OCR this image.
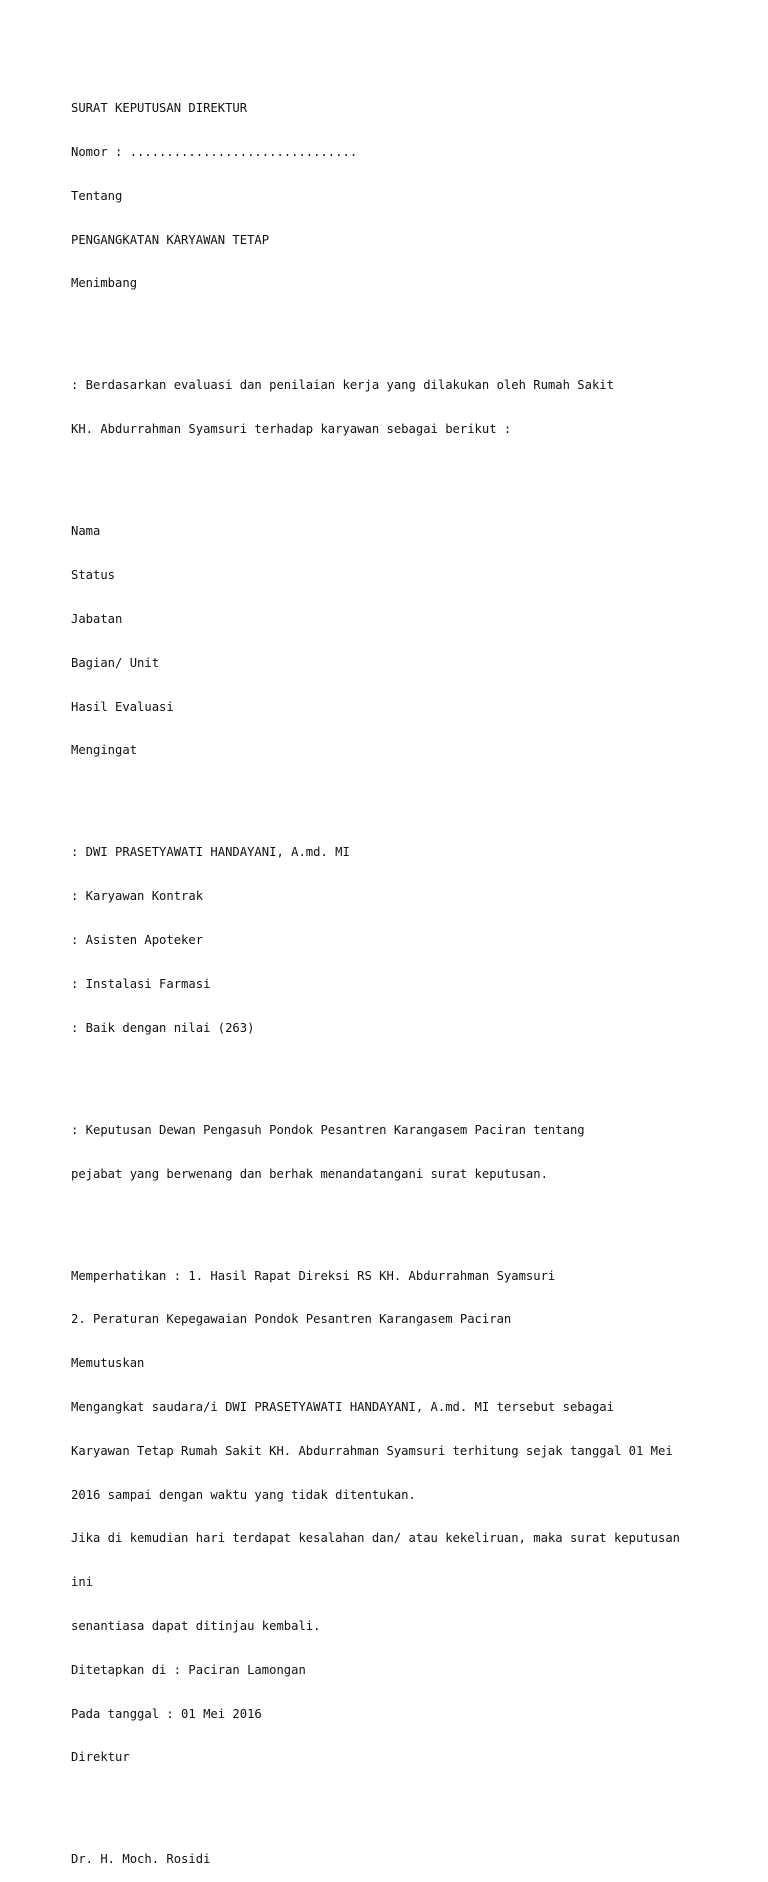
SURAT KEPUTUSAN DIREKTUR

Nomor : ...............................

Tentang

PENGANGKATAN KARYAWAN TETAP

Menimbang

: Berdasarkan evaluasi dan penilaian kerja yang dilakukan oleh Rumah Sakit

KH. Abdurrahman Syamsuri terhadap karyawan sebagai berikut :

Nama

Status

Jabatan

Bagian/ Unit

Hasil Evaluasi

Mengingat

: DWI PRASETYAWATI HANDAYANI, A.md. MI

: Karyawan Kontrak

: Asisten Apoteker

: Instalasi Farmasi

: Baik dengan nilai (263)

: Keputusan Dewan Pengasuh Pondok Pesantren Karangasem Paciran tentang

pejabat yang berwenang dan berhak menandatangani surat keputusan.

Memperhatikan : 1. Hasil Rapat Direksi RS KH. Abdurrahman Syamsuri

2. Peraturan Kepegawaian Pondok Pesantren Karangasem Paciran

Memutuskan

Mengangkat saudara/i DWI PRASETYAWATI HANDAYANI, A.md. MI tersebut sebagai

Karyawan Tetap Rumah Sakit KH. Abdurrahman Syamsuri terhitung sejak tanggal 01 Mei

2016 sampai dengan waktu yang tidak ditentukan.

Jika di kemudian hari terdapat kesalahan dan/ atau kekeliruan, maka surat keputusan

ini

senantiasa dapat ditinjau kembali.

Ditetapkan di : Paciran Lamongan

Pada tanggal : 01 Mei 2016

Direktur

Dr. H. Moch. Rosidi
